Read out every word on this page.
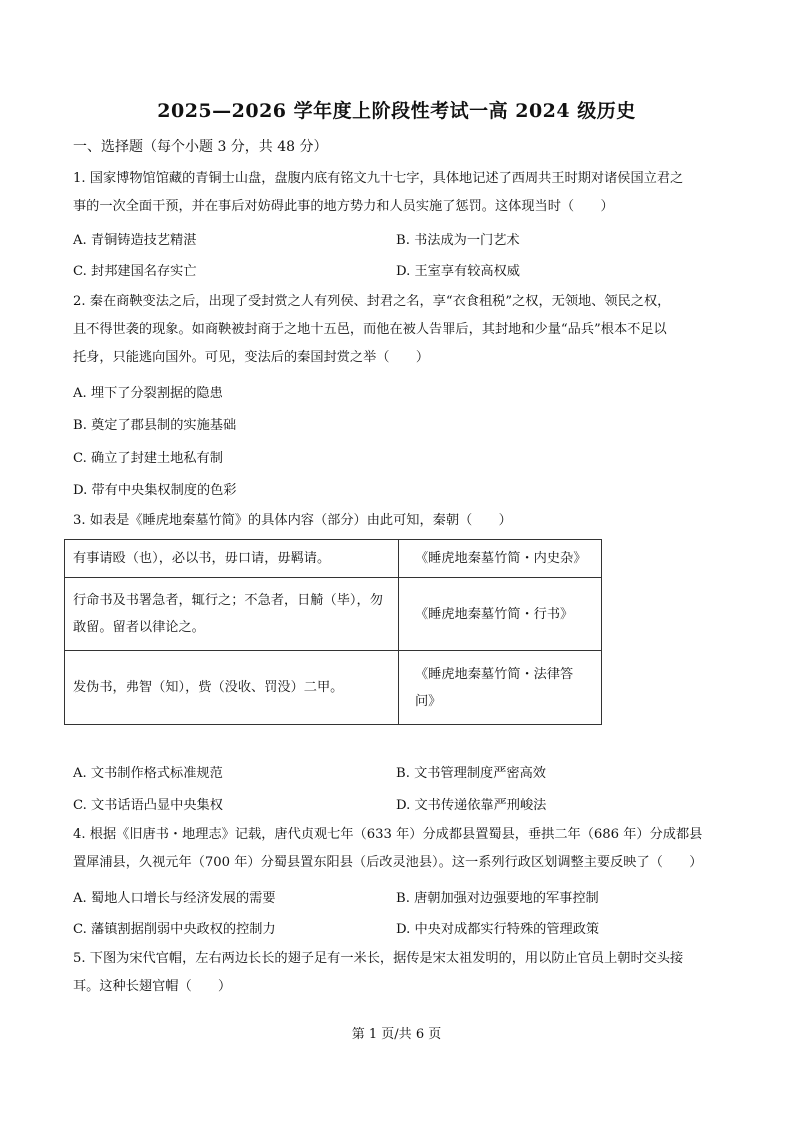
2025—2026 学年度上阶段性考试一高 2024 级历史
一、选择题（每个小题 3 分，共 48 分）
1. 国家博物馆馆藏的青铜士山盘，盘腹内底有铭文九十七字，具体地记述了西周共王时期对诸侯国立君之
事的一次全面干预，并在事后对妨碍此事的地方势力和人员实施了惩罚。这体现当时（　　）
A. 青铜铸造技艺精湛	B. 书法成为一门艺术
C. 封邦建国名存实亡	D. 王室享有较高权威
2. 秦在商鞅变法之后，出现了受封赏之人有列侯、封君之名，享“衣食租税”之权，无领地、领民之权，
且不得世袭的现象。如商鞅被封商于之地十五邑，而他在被人告罪后，其封地和少量“品兵”根本不足以
托身，只能逃向国外。可见，变法后的秦国封赏之举（　　）
A. 埋下了分裂割据的隐患
B. 奠定了郡县制的实施基础
C. 确立了封建土地私有制
D. 带有中央集权制度的色彩
3. 如表是《睡虎地秦墓竹简》的具体内容（部分）由此可知，秦朝（　　）
有事请殴（也），必以书，毋口请，毋羁请。	《睡虎地秦墓竹简・内史杂》

行命书及书署急者，辄行之；不急者，日觭（毕），勿
敢留。留者以律论之。	《睡虎地秦墓竹简・行书》

发伪书，弗智（知），赀（没收、罚没）二甲。	《睡虎地秦墓竹简・法律答
问》
A. 文书制作格式标准规范	B. 文书管理制度严密高效
C. 文书话语凸显中央集权	D. 文书传递依靠严刑峻法
4. 根据《旧唐书・地理志》记载，唐代贞观七年（633 年）分成都县置蜀县，垂拱二年（686 年）分成都县
置犀浦县，久视元年（700 年）分蜀县置东阳县（后改灵池县）。这一系列行政区划调整主要反映了（　　）
A. 蜀地人口增长与经济发展的需要	B. 唐朝加强对边强要地的军事控制
C. 藩镇割据削弱中央政权的控制力	D. 中央对成都实行特殊的管理政策
5. 下图为宋代官帽，左右两边长长的翅子足有一米长，据传是宋太祖发明的，用以防止官员上朝时交头接
耳。这种长翅官帽（　　）
第 1 页/共 6 页
